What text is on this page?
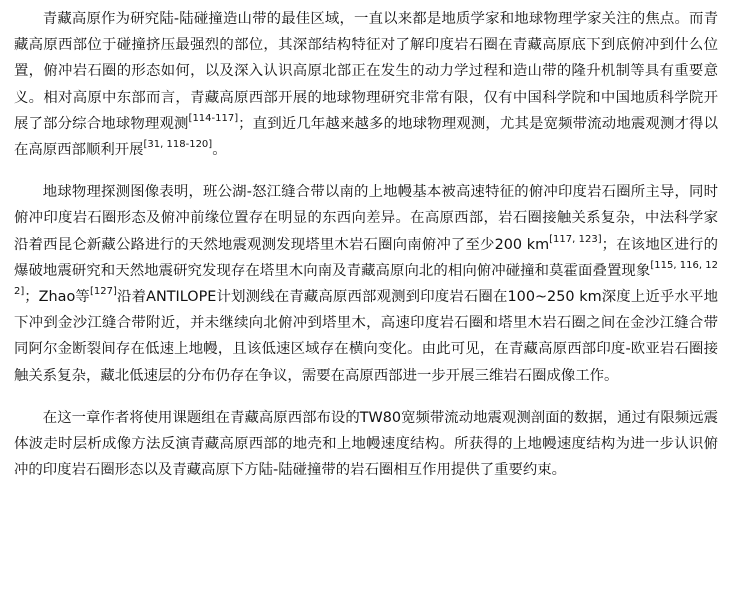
青藏高原作为研究陆-陆碰撞造山带的最佳区域，一直以来都是地质学家和地球物理学家关注的焦点。而青藏高原西部位于碰撞挤压最强烈的部位，其深部结构特征对了解印度岩石圈在青藏高原底下到底俯冲到什么位置，俯冲岩石圈的形态如何，以及深入认识高原北部正在发生的动力学过程和造山带的隆升机制等具有重要意义。相对高原中东部而言，青藏高原西部开展的地球物理研究非常有限，仅有中国科学院和中国地质科学院开展了部分综合地球物理观测[114-117]；直到近几年越来越多的地球物理观测，尤其是宽频带流动地震观测才得以在高原西部顺利开展[31, 118-120]。

地球物理探测图像表明，班公湖-怒江缝合带以南的上地幔基本被高速特征的俯冲印度岩石圈所主导，同时俯冲印度岩石圈形态及俯冲前缘位置存在明显的东西向差异。在高原西部，岩石圈接触关系复杂，中法科学家沿着西昆仑新藏公路进行的天然地震观测发现塔里木岩石圈向南俯冲了至少200 km[117, 123]；在该地区进行的爆破地震研究和天然地震研究发现存在塔里木向南及青藏高原向北的相向俯冲碰撞和莫霍面叠置现象[115, 116, 122]；Zhao等[127]沿着ANTILOPE计划测线在青藏高原西部观测到印度岩石圈在100~250 km深度上近乎水平地下冲到金沙江缝合带附近，并未继续向北俯冲到塔里木，高速印度岩石圈和塔里木岩石圈之间在金沙江缝合带同阿尔金断裂间存在低速上地幔，且该低速区域存在横向变化。由此可见，在青藏高原西部印度-欧亚岩石圈接触关系复杂，藏北低速层的分布仍存在争议，需要在高原西部进一步开展三维岩石圈成像工作。

在这一章作者将使用课题组在青藏高原西部布设的TW80宽频带流动地震观测剖面的数据，通过有限频远震体波走时层析成像方法反演青藏高原西部的地壳和上地幔速度结构。所获得的上地幔速度结构为进一步认识俯冲的印度岩石圈形态以及青藏高原下方陆-陆碰撞带的岩石圈相互作用提供了重要约束。
